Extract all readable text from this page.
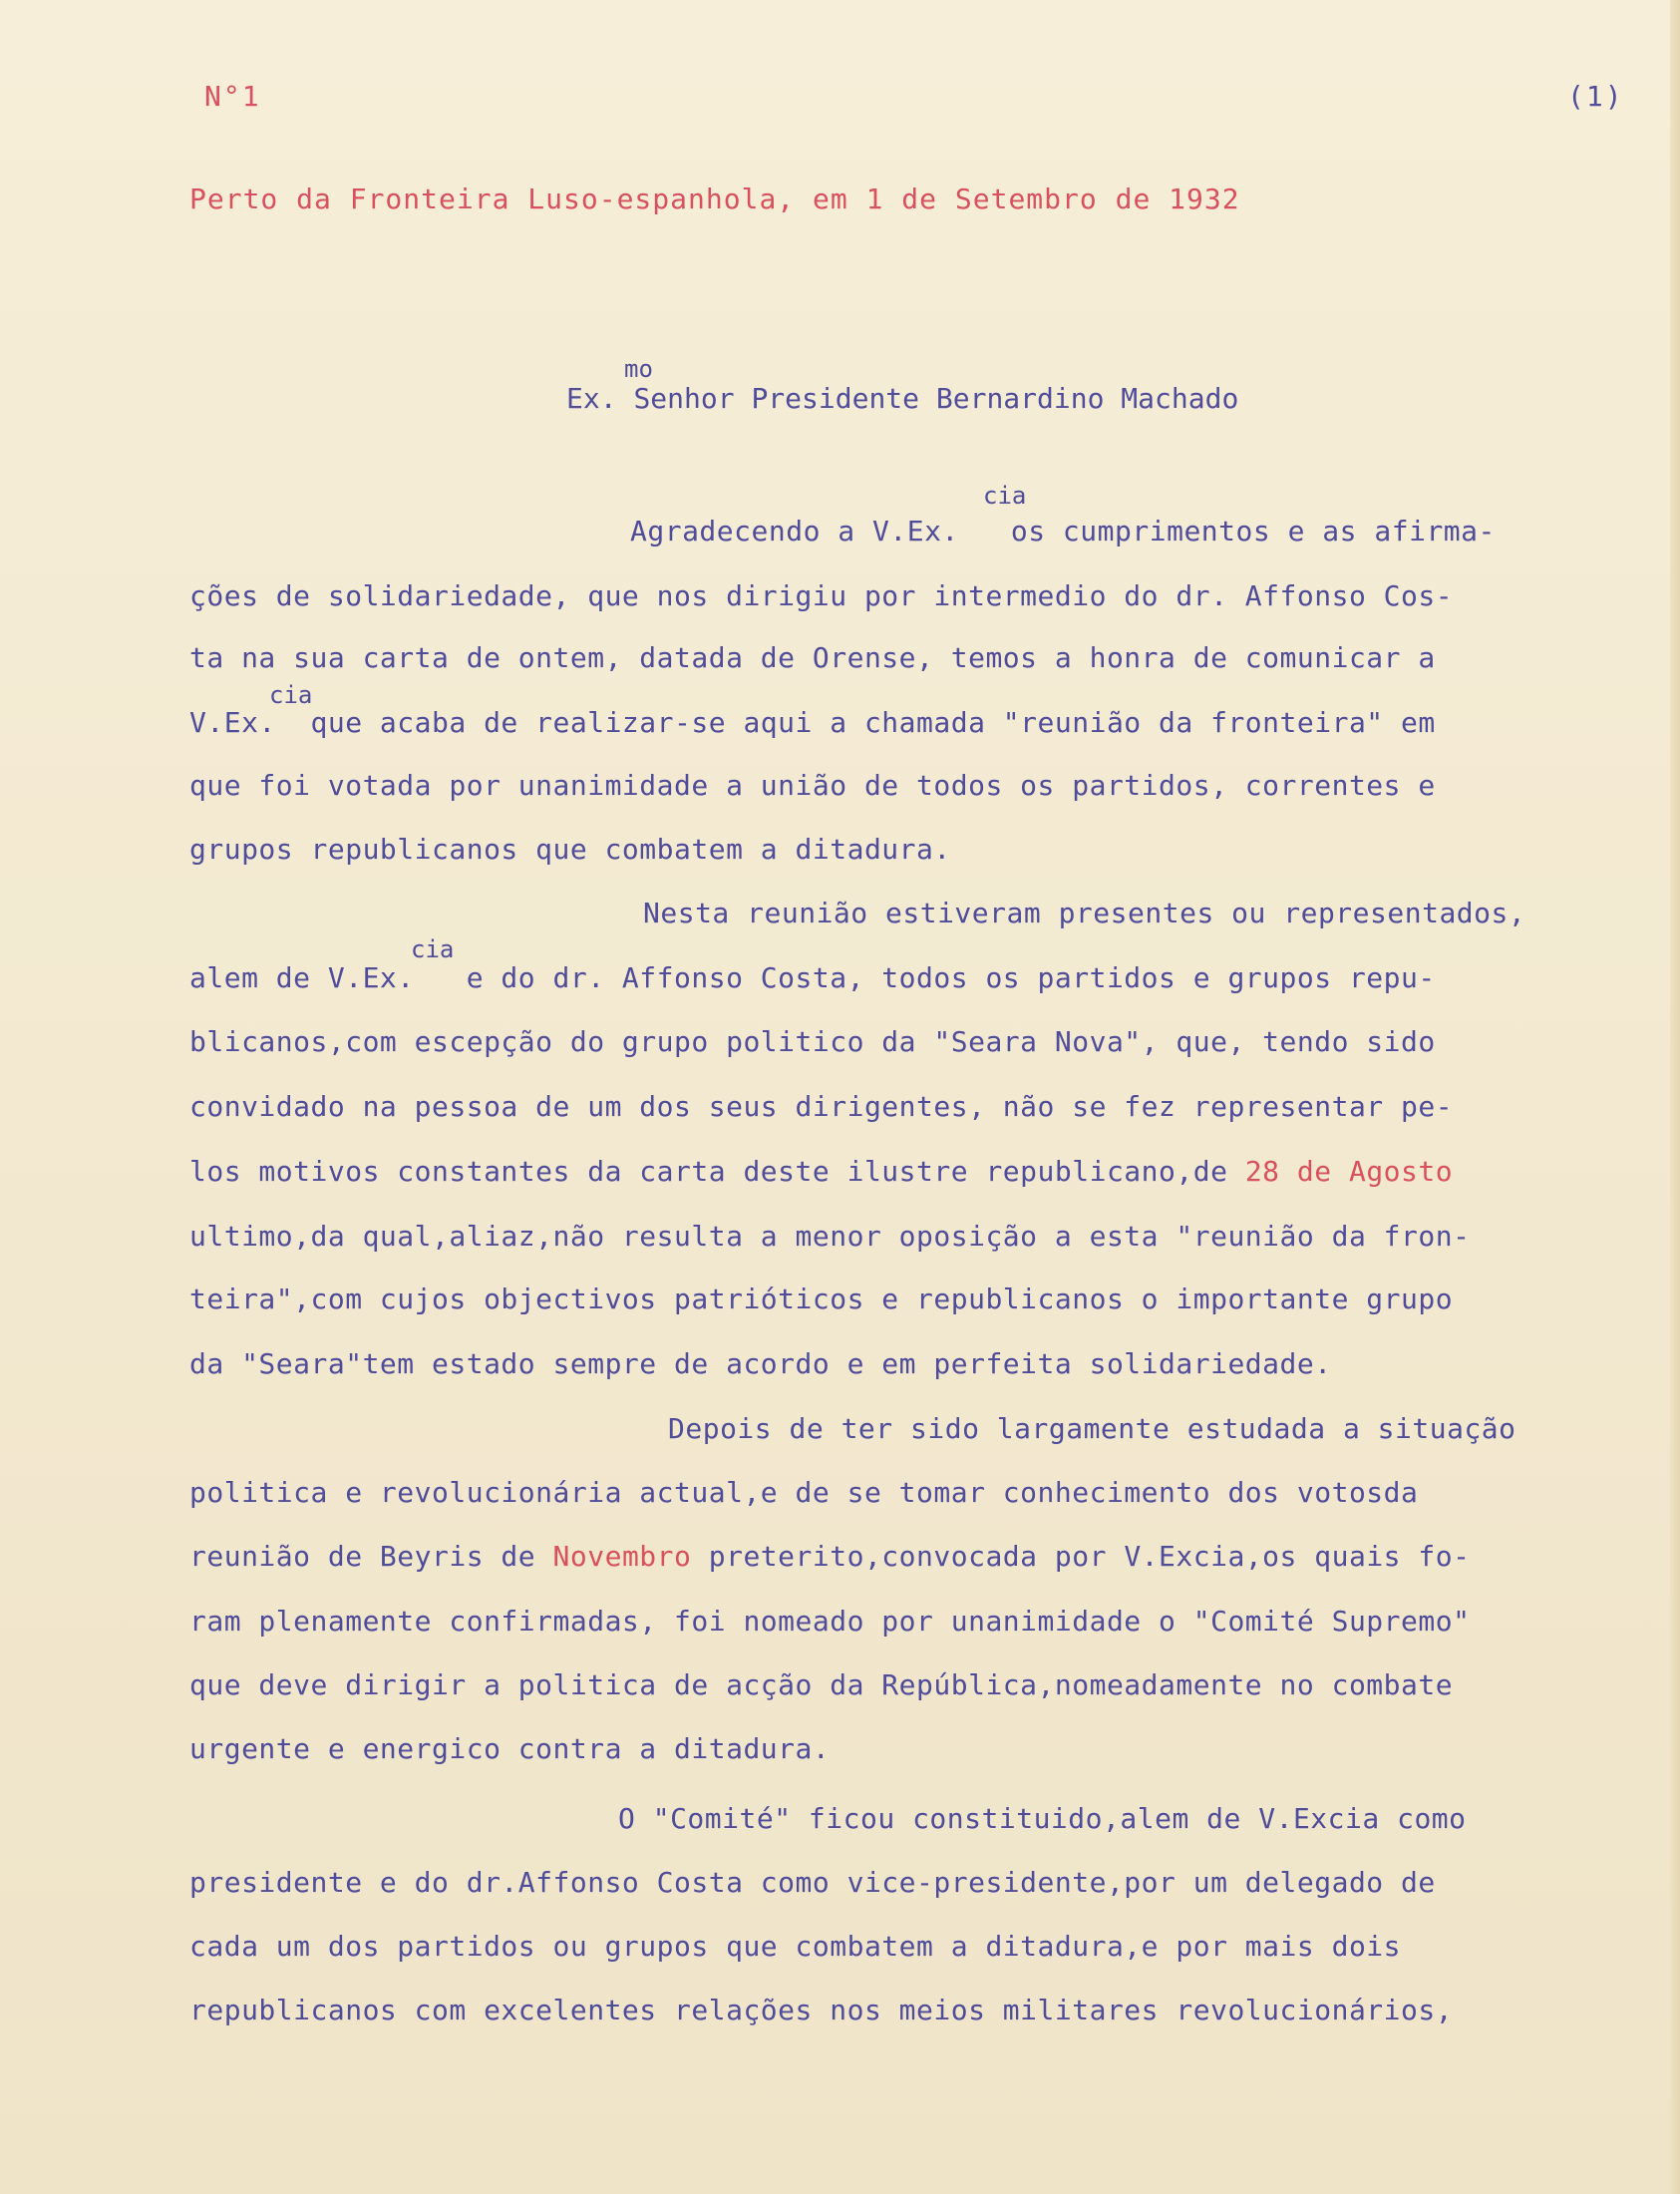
N°1	(1)
Perto da Fronteira Luso-espanhola, em 1 de Setembro de 1932
mo
Ex. Senhor Presidente Bernardino Machado
cia
Agradecendo a V.Ex.   os cumprimentos e as afirma-
ções de solidariedade, que nos dirigiu por intermedio do dr. Affonso Cos-
ta na sua carta de ontem, datada de Orense, temos a honra de comunicar a
cia
V.Ex.  que acaba de realizar-se aqui a chamada "reunião da fronteira" em
que foi votada por unanimidade a união de todos os partidos, correntes e
grupos republicanos que combatem a ditadura.
Nesta reunião estiveram presentes ou representados,
cia
alem de V.Ex.   e do dr. Affonso Costa, todos os partidos e grupos repu-
blicanos,com escepção do grupo politico da "Seara Nova", que, tendo sido
convidado na pessoa de um dos seus dirigentes, não se fez representar pe-
los motivos constantes da carta deste ilustre republicano,de 28 de Agosto
ultimo,da qual,aliaz,não resulta a menor oposição a esta "reunião da fron-
teira",com cujos objectivos patrióticos e republicanos o importante grupo
da "Seara"tem estado sempre de acordo e em perfeita solidariedade.
Depois de ter sido largamente estudada a situação
politica e revolucionária actual,e de se tomar conhecimento dos votosda
reunião de Beyris de Novembro preterito,convocada por V.Excia,os quais fo-
ram plenamente confirmadas, foi nomeado por unanimidade o "Comité Supremo"
que deve dirigir a politica de acção da República,nomeadamente no combate
urgente e energico contra a ditadura.
O "Comité" ficou constituido,alem de V.Excia como
presidente e do dr.Affonso Costa como vice-presidente,por um delegado de
cada um dos partidos ou grupos que combatem a ditadura,e por mais dois
republicanos com excelentes relações nos meios militares revolucionários,
